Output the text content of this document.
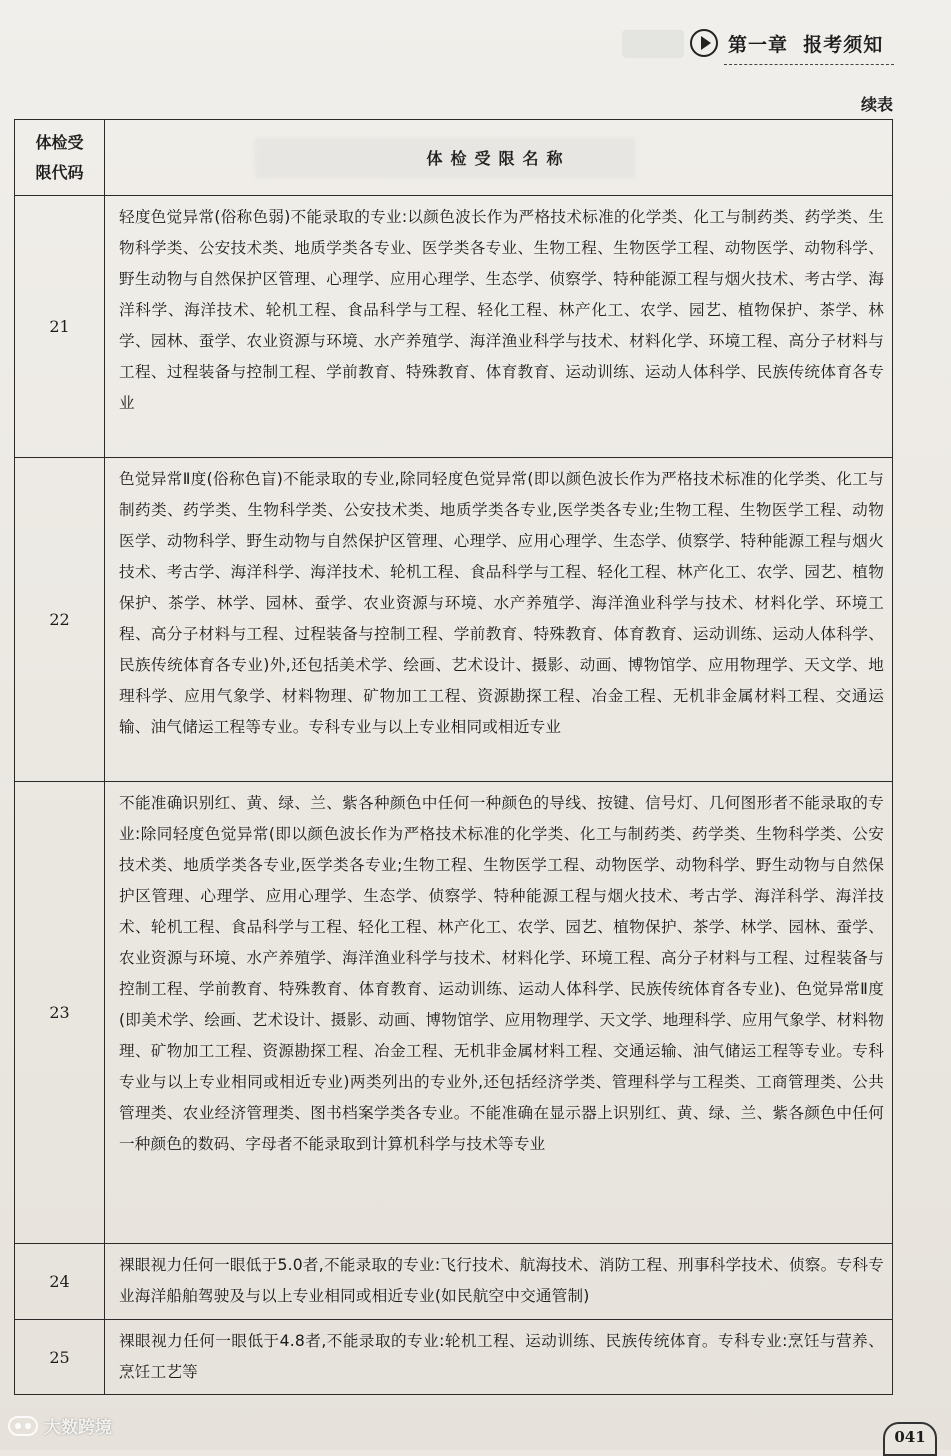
第一章  报考须知
续表
体检受
限代码	体检受限名称
21	轻度色觉异常(俗称色弱)不能录取的专业:以颜色波长作为严格技术标准的化学类、化工与制药类、药学类、生物科学类、公安技术类、地质学类各专业、医学类各专业、生物工程、生物医学工程、动物医学、动物科学、野生动物与自然保护区管理、心理学、应用心理学、生态学、侦察学、特种能源工程与烟火技术、考古学、海洋科学、海洋技术、轮机工程、食品科学与工程、轻化工程、林产化工、农学、园艺、植物保护、茶学、林学、园林、蚕学、农业资源与环境、水产养殖学、海洋渔业科学与技术、材料化学、环境工程、高分子材料与工程、过程装备与控制工程、学前教育、特殊教育、体育教育、运动训练、运动人体科学、民族传统体育各专业
22	色觉异常Ⅱ度(俗称色盲)不能录取的专业,除同轻度色觉异常(即以颜色波长作为严格技术标准的化学类、化工与制药类、药学类、生物科学类、公安技术类、地质学类各专业,医学类各专业;生物工程、生物医学工程、动物医学、动物科学、野生动物与自然保护区管理、心理学、应用心理学、生态学、侦察学、特种能源工程与烟火技术、考古学、海洋科学、海洋技术、轮机工程、食品科学与工程、轻化工程、林产化工、农学、园艺、植物保护、茶学、林学、园林、蚕学、农业资源与环境、水产养殖学、海洋渔业科学与技术、材料化学、环境工程、高分子材料与工程、过程装备与控制工程、学前教育、特殊教育、体育教育、运动训练、运动人体科学、民族传统体育各专业)外,还包括美术学、绘画、艺术设计、摄影、动画、博物馆学、应用物理学、天文学、地理科学、应用气象学、材料物理、矿物加工工程、资源勘探工程、冶金工程、无机非金属材料工程、交通运输、油气储运工程等专业。专科专业与以上专业相同或相近专业
23	不能准确识别红、黄、绿、兰、紫各种颜色中任何一种颜色的导线、按键、信号灯、几何图形者不能录取的专业:除同轻度色觉异常(即以颜色波长作为严格技术标准的化学类、化工与制药类、药学类、生物科学类、公安技术类、地质学类各专业,医学类各专业;生物工程、生物医学工程、动物医学、动物科学、野生动物与自然保护区管理、心理学、应用心理学、生态学、侦察学、特种能源工程与烟火技术、考古学、海洋科学、海洋技术、轮机工程、食品科学与工程、轻化工程、林产化工、农学、园艺、植物保护、茶学、林学、园林、蚕学、农业资源与环境、水产养殖学、海洋渔业科学与技术、材料化学、环境工程、高分子材料与工程、过程装备与控制工程、学前教育、特殊教育、体育教育、运动训练、运动人体科学、民族传统体育各专业)、色觉异常Ⅱ度(即美术学、绘画、艺术设计、摄影、动画、博物馆学、应用物理学、天文学、地理科学、应用气象学、材料物理、矿物加工工程、资源勘探工程、冶金工程、无机非金属材料工程、交通运输、油气储运工程等专业。专科专业与以上专业相同或相近专业)两类列出的专业外,还包括经济学类、管理科学与工程类、工商管理类、公共管理类、农业经济管理类、图书档案学类各专业。不能准确在显示器上识别红、黄、绿、兰、紫各颜色中任何一种颜色的数码、字母者不能录取到计算机科学与技术等专业
24	裸眼视力任何一眼低于5.0者,不能录取的专业:飞行技术、航海技术、消防工程、刑事科学技术、侦察。专科专业海洋船舶驾驶及与以上专业相同或相近专业(如民航空中交通管制)
25	裸眼视力任何一眼低于4.8者,不能录取的专业:轮机工程、运动训练、民族传统体育。专科专业:烹饪与营养、烹饪工艺等
大数跨境	041
